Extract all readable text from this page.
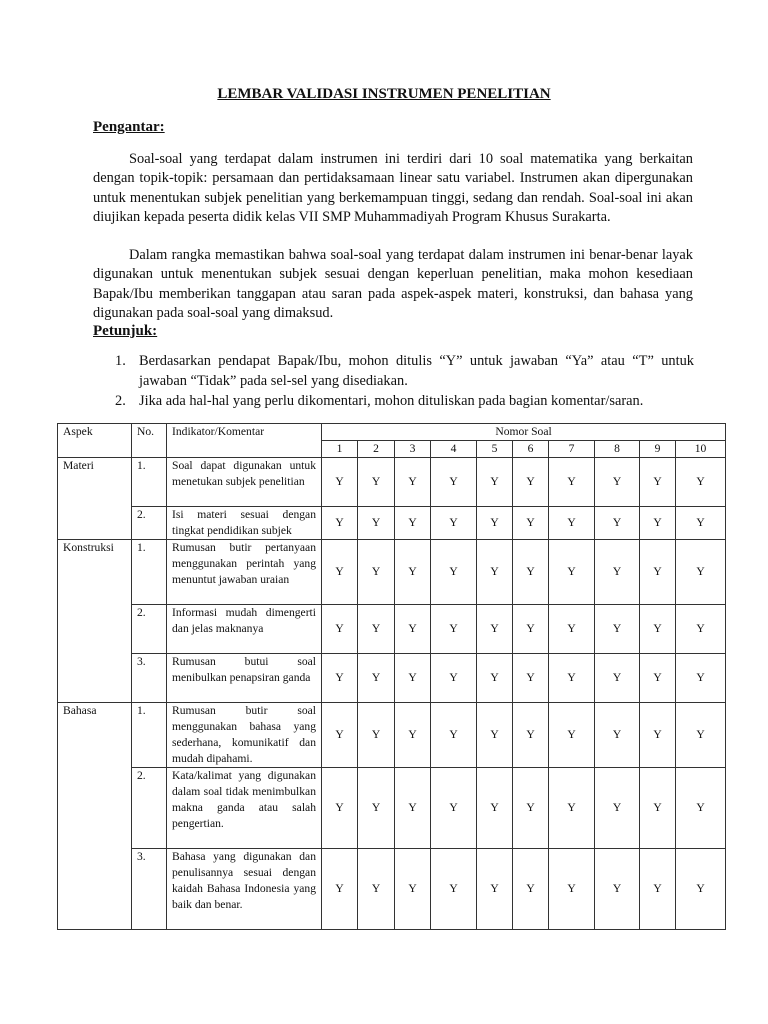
LEMBAR VALIDASI INSTRUMEN PENELITIAN
Pengantar:

Soal-soal yang terdapat dalam instrumen ini terdiri dari 10 soal matematika yang berkaitan dengan topik-topik: persamaan dan pertidaksamaan linear satu variabel. Instrumen akan dipergunakan untuk menentukan subjek penelitian yang berkemampuan tinggi, sedang dan rendah. Soal-soal ini akan diujikan kepada peserta didik kelas VII SMP Muhammadiyah Program Khusus Surakarta.

Dalam rangka memastikan bahwa soal-soal yang terdapat dalam instrumen ini benar-benar layak digunakan untuk menentukan subjek sesuai dengan keperluan penelitian, maka mohon kesediaan Bapak/Ibu memberikan tanggapan atau saran pada aspek-aspek materi, konstruksi, dan bahasa yang digunakan pada soal-soal yang dimaksud.

Petunjuk:
1. Berdasarkan pendapat Bapak/Ibu, mohon ditulis “Y” untuk jawaban “Ya” atau “T” untuk jawaban “Tidak” pada sel-sel yang disediakan.
2. Jika ada hal-hal yang perlu dikomentari, mohon dituliskan pada bagian komentar/saran.
Aspek	No.	Indikator/Komentar	Nomor Soal									
			1	2	3	4	5	6	7	8	9	10
Materi	1.	Soal dapat digunakan untuk menetukan subjek penelitian	Y	Y	Y	Y	Y	Y	Y	Y	Y	Y
	2.	Isi materi sesuai dengan tingkat pendidikan subjek	Y	Y	Y	Y	Y	Y	Y	Y	Y	Y
Konstruksi	1.	Rumusan butir pertanyaan menggunakan perintah yang menuntut jawaban uraian	Y	Y	Y	Y	Y	Y	Y	Y	Y	Y
	2.	Informasi mudah dimengerti dan jelas maknanya	Y	Y	Y	Y	Y	Y	Y	Y	Y	Y
	3.	Rumusan butui soal menibulkan penapsiran ganda	Y	Y	Y	Y	Y	Y	Y	Y	Y	Y
Bahasa	1.	Rumusan butir soal menggunakan bahasa yang sederhana, komunikatif dan mudah dipahami.	Y	Y	Y	Y	Y	Y	Y	Y	Y	Y
	2.	Kata/kalimat yang digunakan dalam soal tidak menimbulkan makna ganda atau salah pengertian.	Y	Y	Y	Y	Y	Y	Y	Y	Y	Y
	3.	Bahasa yang digunakan dan penulisannya sesuai dengan kaidah Bahasa Indonesia yang baik dan benar.	Y	Y	Y	Y	Y	Y	Y	Y	Y	Y
